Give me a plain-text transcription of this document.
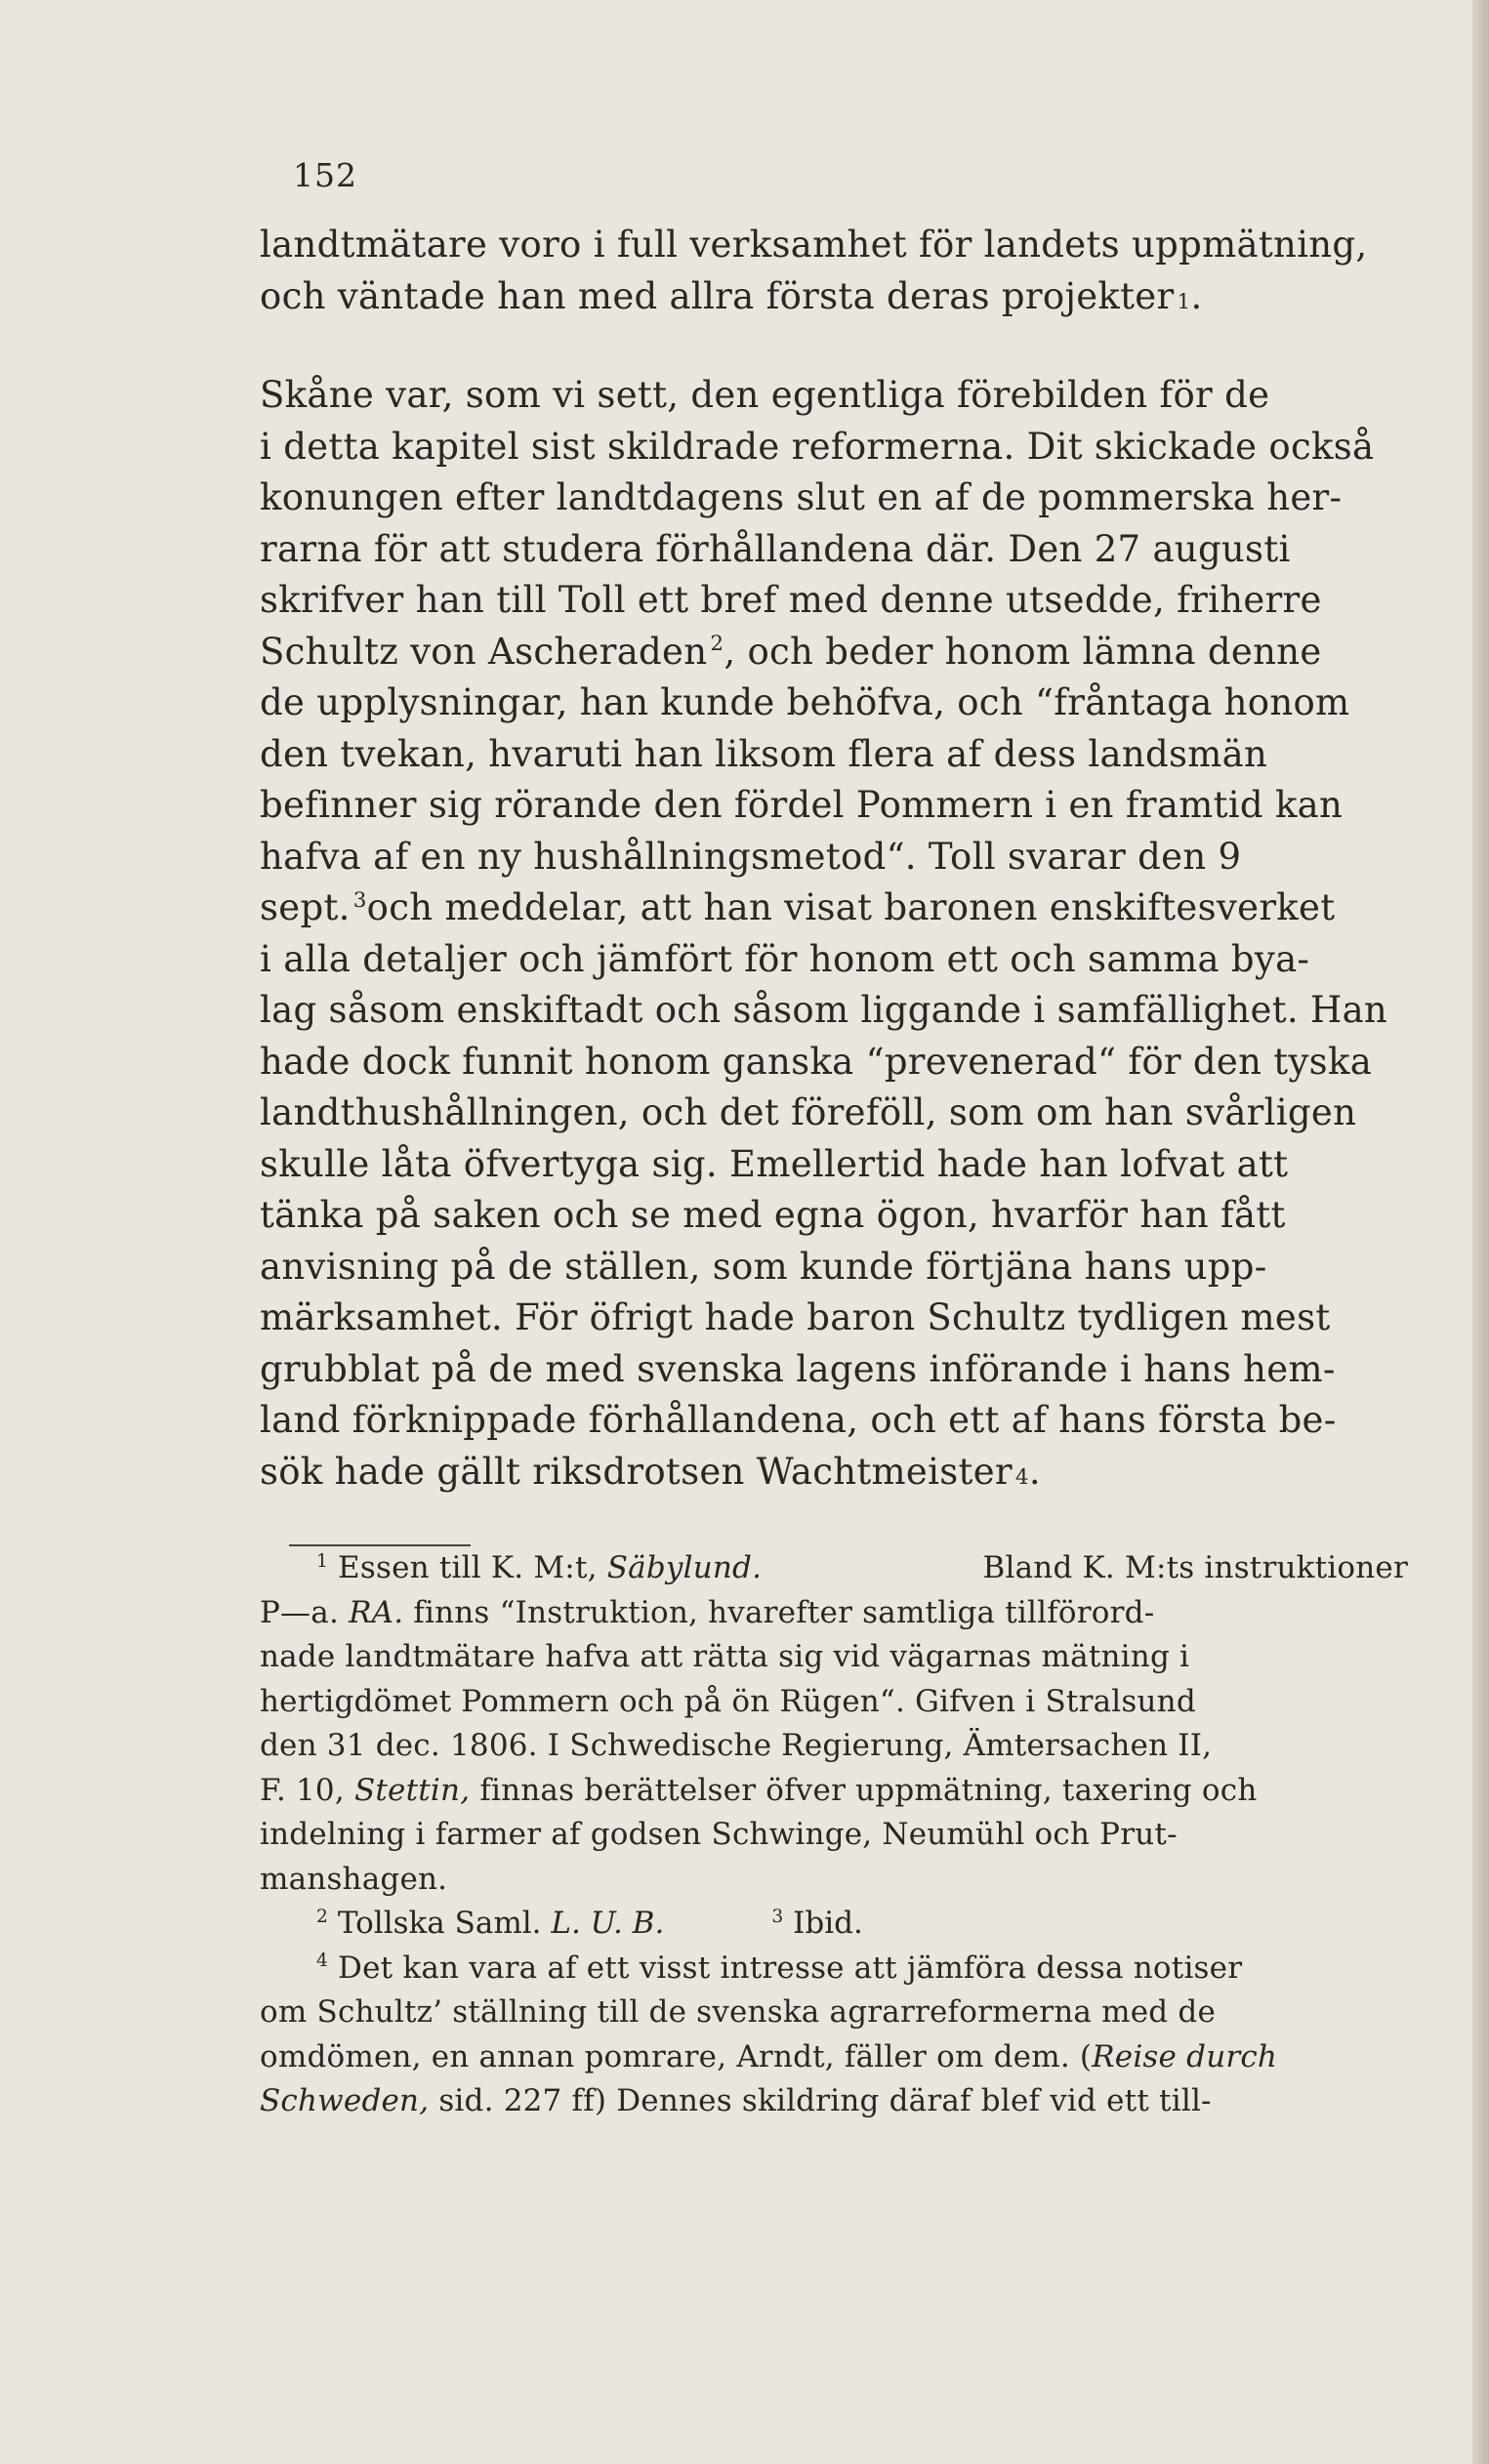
152
landtmätare voro i full verksamhet för landets uppmätning,
och väntade han med allra första deras projekter 1 .
Skåne var, som vi sett, den egentliga förebilden för de
i detta kapitel sist skildrade reformerna. Dit skickade också
konungen efter landtdagens slut en af de pommerska her-
rarna för att studera förhållandena där. Den 27 augusti
skrifver han till Toll ett bref med denne utsedde, friherre
Schultz von Ascheraden $^2$, och beder honom lämna denne
de upplysningar, han kunde behöfva, och “fråntaga honom
den tvekan, hvaruti han liksom flera af dess landsmän
befinner sig rörande den fördel Pommern i en framtid kan
hafva af en ny hushållningsmetod“. Toll svarar den 9
sept. $^3$och meddelar, att han visat baronen enskiftesverket
i alla detaljer och jämfört för honom ett och samma bya-
lag såsom enskiftadt och såsom liggande i samfällighet. Han
hade dock funnit honom ganska “prevenerad“ för den tyska
landthushållningen, och det föreföll, som om han svårligen
skulle låta öfvertyga sig. Emellertid hade han lofvat att
tänka på saken och se med egna ögon, hvarför han fått
anvisning på de ställen, som kunde förtjäna hans upp-
märksamhet. För öfrigt hade baron Schultz tydligen mest
grubblat på de med svenska lagens införande i hans hem-
land förknippade förhållandena, och ett af hans första be-
sök hade gällt riksdrotsen Wachtmeister 4 .
1 Essen till K. M:t, Säbylund.	Bland K. M:ts instruktioner
P—a. RA. finns “Instruktion, hvarefter samtliga tillförord-
nade landtmätare hafva att rätta sig vid vägarnas mätning i
hertigdömet Pommern och på ön Rügen“. Gifven i Stralsund
den 31 dec. 1806. I Schwedische Regierung, Ämtersachen II,
F. 10, Stettin, finnas berättelser öfver uppmätning, taxering och
indelning i farmer af godsen Schwinge, Neumühl och Prut-
manshagen.
2 Tollska Saml. L. U. B.	3 Ibid.
4 Det kan vara af ett visst intresse att jämföra dessa notiser
om Schultz’ ställning till de svenska agrarreformerna med de
omdömen, en annan pomrare, Arndt, fäller om dem. (Reise durch
Schweden, sid. 227 ff) Dennes skildring däraf blef vid ett till-
